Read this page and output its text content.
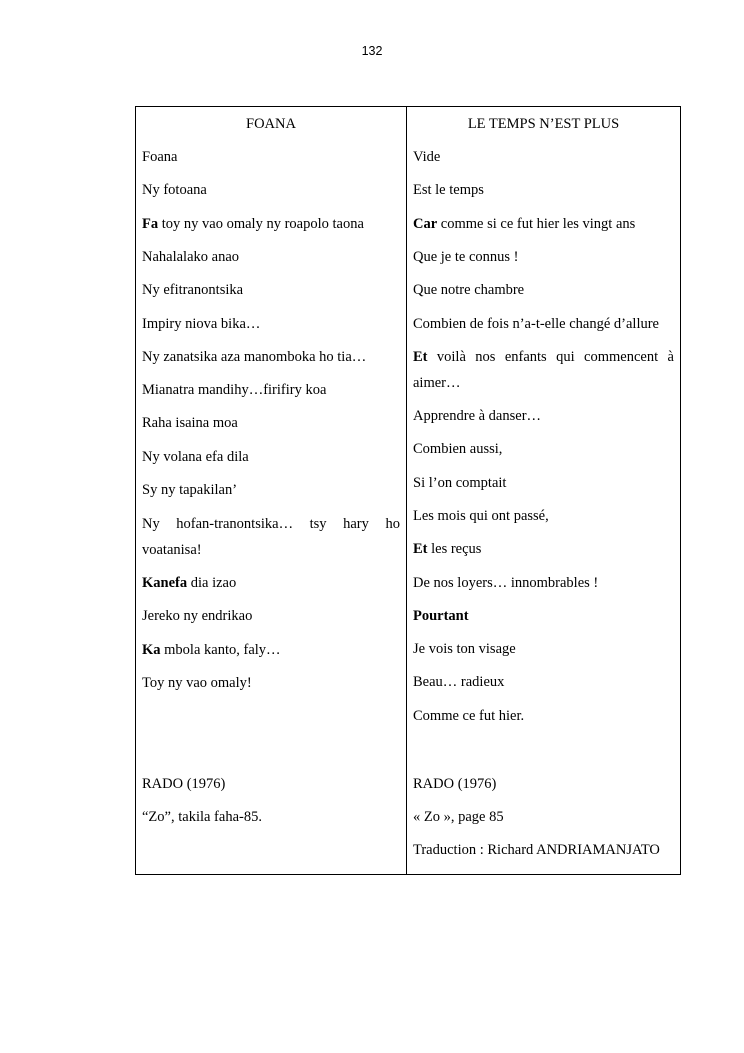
132
FOANA
Foana
Ny fotoana
Fa toy ny vao omaly ny roapolo taona
Nahalalako anao
Ny efitranontsika
Impiry niova bika…
Ny zanatsika aza manomboka ho tia…
Mianatra mandihy…firifiry koa
Raha isaina moa
Ny volana efa dila
Sy ny tapakilan’
Ny hofan-tranontsika… tsy hary ho
voatanisa!
Kanefa dia izao
Jereko ny endrikao
Ka mbola kanto, faly…
Toy ny vao omaly!
RADO (1976)
“Zo”, takila faha-85.
LE TEMPS N’EST PLUS
Vide
Est le temps
Car comme si ce fut hier les vingt ans
Que je te connus !
Que notre chambre
Combien de fois n’a-t-elle changé d’allure
Et voilà nos enfants qui commencent à
aimer…
Apprendre à danser…
Combien aussi,
Si l’on comptait
Les mois qui ont passé,
Et les reçus
De nos loyers… innombrables !
Pourtant
Je vois ton visage
Beau… radieux
Comme ce fut hier.
RADO (1976)
« Zo », page 85
Traduction : Richard ANDRIAMANJATO
